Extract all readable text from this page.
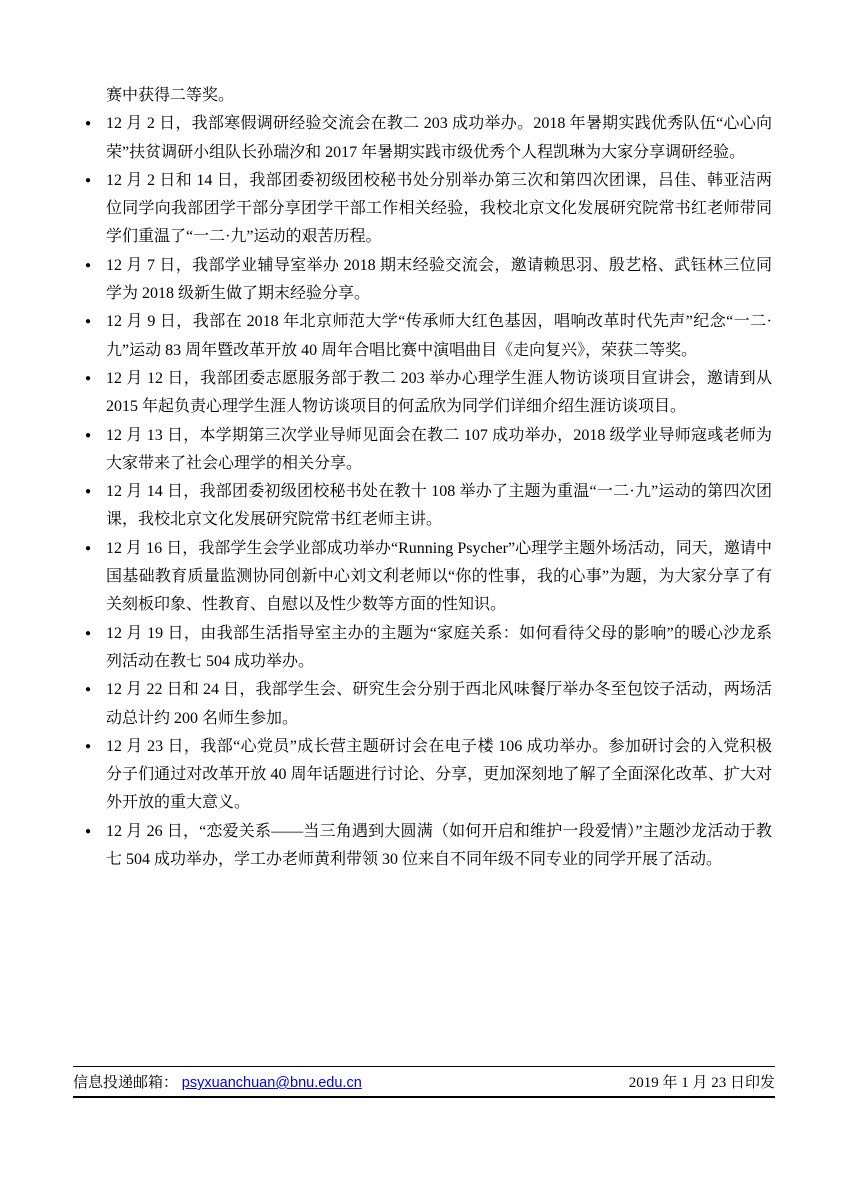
赛中获得二等奖。

● 12 月 2 日，我部寒假调研经验交流会在教二 203 成功举办。2018 年暑期实践优秀队伍“心心向荣”扶贫调研小组队长孙瑞汐和 2017 年暑期实践市级优秀个人程凯琳为大家分享调研经验。
● 12 月 2 日和 14 日，我部团委初级团校秘书处分别举办第三次和第四次团课，吕佳、韩亚洁两位同学向我部团学干部分享团学干部工作相关经验，我校北京文化发展研究院常书红老师带同学们重温了“一二·九”运动的艰苦历程。
● 12 月 7 日，我部学业辅导室举办 2018 期末经验交流会，邀请赖思羽、殷艺格、武钰林三位同学为 2018 级新生做了期末经验分享。
● 12 月 9 日，我部在 2018 年北京师范大学“传承师大红色基因，唱响改革时代先声”纪念“一二·九”运动 83 周年暨改革开放 40 周年合唱比赛中演唱曲目《走向复兴》，荣获二等奖。
● 12 月 12 日，我部团委志愿服务部于教二 203 举办心理学生涯人物访谈项目宣讲会，邀请到从 2015 年起负责心理学生涯人物访谈项目的何孟欣为同学们详细介绍生涯访谈项目。
● 12 月 13 日，本学期第三次学业导师见面会在教二 107 成功举办，2018 级学业导师寇彧老师为大家带来了社会心理学的相关分享。
● 12 月 14 日，我部团委初级团校秘书处在教十 108 举办了主题为重温“一二·九”运动的第四次团课，我校北京文化发展研究院常书红老师主讲。
● 12 月 16 日，我部学生会学业部成功举办“Running Psycher”心理学主题外场活动，同天，邀请中国基础教育质量监测协同创新中心刘文利老师以“你的性事，我的心事”为题，为大家分享了有关刻板印象、性教育、自慰以及性少数等方面的性知识。
● 12 月 19 日，由我部生活指导室主办的主题为“家庭关系：如何看待父母的影响”的暖心沙龙系列活动在教七 504 成功举办。
● 12 月 22 日和 24 日，我部学生会、研究生会分别于西北风味餐厅举办冬至包饺子活动，两场活动总计约 200 名师生参加。
● 12 月 23 日，我部“心党员”成长营主题研讨会在电子楼 106 成功举办。参加研讨会的入党积极分子们通过对改革开放 40 周年话题进行讨论、分享，更加深刻地了解了全面深化改革、扩大对外开放的重大意义。
● 12 月 26 日，“恋爱关系——当三角遇到大圆满（如何开启和维护一段爱情）”主题沙龙活动于教七 504 成功举办，学工办老师黄利带领 30 位来自不同年级不同专业的同学开展了活动。
信息投递邮箱： psyxuanchuan@bnu.edu.cn	2019 年 1 月 23 日印发
